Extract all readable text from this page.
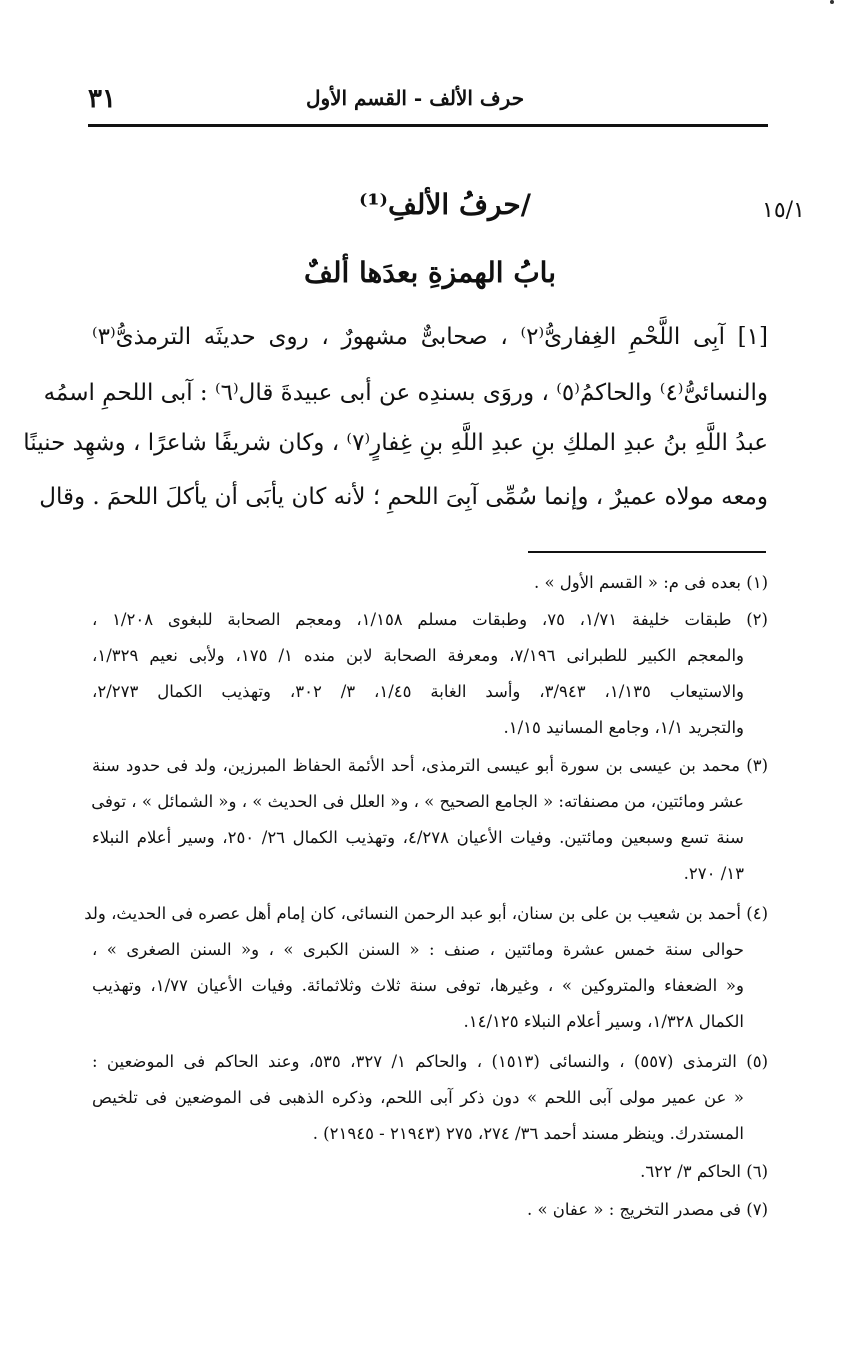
٣١	حرف الألف - القسم الأول
١٥/١
/حرفُ الألفِ⁽¹⁾
بابُ الهمزةِ بعدَها ألفٌ
[١] آبِى اللَّحْمِ الغِفارىُّ⁽٢⁾ ، صحابىٌّ مشهورٌ ، روى حديثَه الترمذىُّ⁽٣⁾
والنسائىُّ⁽٤⁾ والحاكمُ⁽٥⁾ ، وروَى بسندِه عن أبى عبيدةَ قال⁽٦⁾ : آبى اللحمِ اسمُه
عبدُ اللَّهِ بنُ عبدِ الملكِ بنِ عبدِ اللَّهِ بنِ غِفارٍ⁽٧⁾ ، وكان شريفًا شاعرًا ، وشهِد حنينًا
ومعه مولاه عميرٌ ، وإنما سُمِّى آبِىَ اللحمِ ؛ لأنه كان يأبَى أن يأكلَ اللحمَ . وقال
(١) بعده فى م: « القسم الأول » .
(٢) طبقات خليفة ١/٧١، ٧٥، وطبقات مسلم ١/١٥٨، ومعجم الصحابة للبغوى ١/٢٠٨ ،
والمعجم الكبير للطبرانى ٧/١٩٦، ومعرفة الصحابة لابن منده ١/ ١٧٥، ولأبى نعيم ١/٣٢٩،
والاستيعاب ١/١٣٥، ٣/٩٤٣، وأسد الغابة ١/٤٥، ٣/ ٣٠٢، وتهذيب الكمال ٢/٢٧٣،
والتجريد ١/١، وجامع المسانيد ١/١٥.
(٣) محمد بن عيسى بن سورة أبو عيسى الترمذى، أحد الأئمة الحفاظ المبرزين، ولد فى حدود سنة
عشر ومائتين، من مصنفاته: « الجامع الصحيح » ، و« العلل فى الحديث » ، و« الشمائل » ، توفى
سنة تسع وسبعين ومائتين. وفيات الأعيان ٤/٢٧٨، وتهذيب الكمال ٢٦/ ٢٥٠، وسير أعلام النبلاء
١٣/ ٢٧٠.
(٤) أحمد بن شعيب بن على بن سنان، أبو عبد الرحمن النسائى، كان إمام أهل عصره فى الحديث، ولد
حوالى سنة خمس عشرة ومائتين ، صنف : « السنن الكبرى » ، و« السنن الصغرى » ،
و« الضعفاء والمتروكين » ، وغيرها، توفى سنة ثلاث وثلاثمائة. وفيات الأعيان ١/٧٧، وتهذيب
الكمال ١/٣٢٨، وسير أعلام النبلاء ١٤/١٢٥.
(٥) الترمذى (٥٥٧) ، والنسائى (١٥١٣) ، والحاكم ١/ ٣٢٧، ٥٣٥، وعند الحاكم فى الموضعين :
« عن عمير مولى آبى اللحم » دون ذكر آبى اللحم، وذكره الذهبى فى الموضعين فى تلخيص
المستدرك. وينظر مسند أحمد ٣٦/ ٢٧٤، ٢٧٥ (٢١٩٤٣ - ٢١٩٤٥) .
(٦) الحاكم ٣/ ٦٢٢.
(٧) فى مصدر التخريج : « عفان » .
